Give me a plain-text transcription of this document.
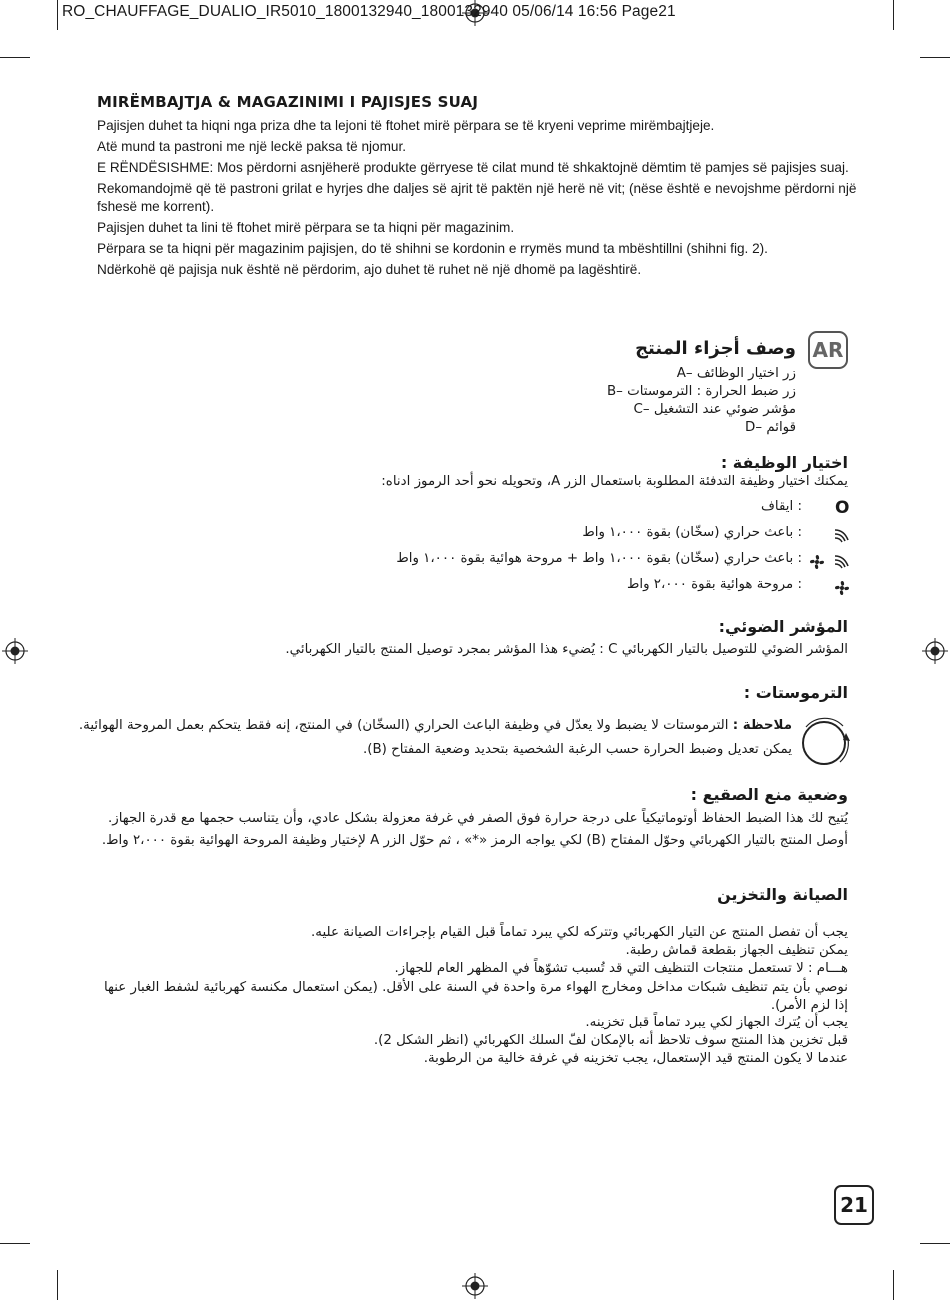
RO_CHAUFFAGE_DUALIO_IR5010_1800132940_1800132940 05/06/14 16:56 Page21
MIRËMBAJTJA & MAGAZINIMI I PAJISJES SUAJ
Pajisjen duhet ta hiqni nga priza dhe ta lejoni të ftohet mirë përpara se të kryeni veprime mirëmbajtjeje.
Atë mund ta pastroni me një leckë paksa të njomur.
E RËNDËSISHME: Mos përdorni asnjëherë produkte gërryese të cilat mund të shkaktojnë dëmtim të pamjes së pajisjes suaj.
Rekomandojmë që të pastroni grilat e hyrjes dhe daljes së ajrit të paktën një herë në vit; (nëse është e nevojshme përdorni një fshesë me korrent).
Pajisjen duhet ta lini të ftohet mirë përpara se ta hiqni për magazinim.
Përpara se ta hiqni për magazinim pajisjen, do të shihni se kordonin e rrymës mund ta mbështillni (shihni fig. 2).
Ndërkohë që pajisja nuk është në përdorim, ajo duhet të ruhet në një dhomë pa lagështirë.
AR
وصف أجزاء المنتج
A– زر اختيار الوظائف
B– زر ضبط الحرارة : الترموستات
C– مؤشر ضوئي عند التشغيل
D– قوائم
اختيار الوظيفة :
يمكنك اختيار وظيفة التدفئة المطلوبة باستعمال الزر A، وتحويله نحو أحد الرموز ادناه:
O
: ايقاف
: باعث حراري (سخّان) بقوة ١،٠٠٠ واط
: باعث حراري (سخّان) بقوة ١،٠٠٠ واط + مروحة هوائية بقوة ١،٠٠٠ واط
: مروحة هوائية بقوة ٢،٠٠٠ واط
المؤشر الضوئي:
المؤشر الضوئي للتوصيل بالتيار الكهربائي C : يُضيء هذا المؤشر بمجرد توصيل المنتج بالتيار الكهربائي.
الترموستات :
ملاحظة : الترموستات لا يضبط ولا يعدّل في وظيفة الباعث الحراري (السخّان) في المنتج، إنه فقط يتحكم بعمل المروحة الهوائية.
يمكن تعديل وضبط الحرارة حسب الرغبة الشخصية بتحديد وضعية المفتاح (B).
وضعية منع الصقيع :
يُتيح لك هذا الضبط الحفاظ أوتوماتيكياً على درجة حرارة فوق الصفر في غرفة معزولة بشكل عادي، وأن يتناسب حجمها مع قدرة الجهاز.
أوصل المنتج بالتيار الكهربائي وحوّل المفتاح (B) لكي يواجه الرمز «*» ، ثم حوّل الزر A لإختيار وظيفة المروحة الهوائية بقوة ٢،٠٠٠ واط.
الصيانة والتخزين
يجب أن تفصل المنتج عن التيار الكهربائي وتتركه لكي يبرد تماماً قبل القيام بإجراءات الصيانة عليه.
يمكن تنظيف الجهاز بقطعة قماش رطبة.
هـــام : لا تستعمل منتجات التنظيف التي قد تُسبب تشوّهاً في المظهر العام للجهاز.
نوصي بأن يتم تنظيف شبكات مداخل ومخارج الهواء مرة واحدة في السنة على الأقل. (يمكن استعمال مكنسة كهربائية لشفط الغبار عنها إذا لزم الأمر).
يجب أن يُترك الجهاز لكي يبرد تماماً قبل تخزينه.
قبل تخزين هذا المنتج سوف تلاحظ أنه بالإمكان لفّ السلك الكهربائي (انظر الشكل 2).
عندما لا يكون المنتج قيد الإستعمال، يجب تخزينه في غرفة خالية من الرطوبة.
21
